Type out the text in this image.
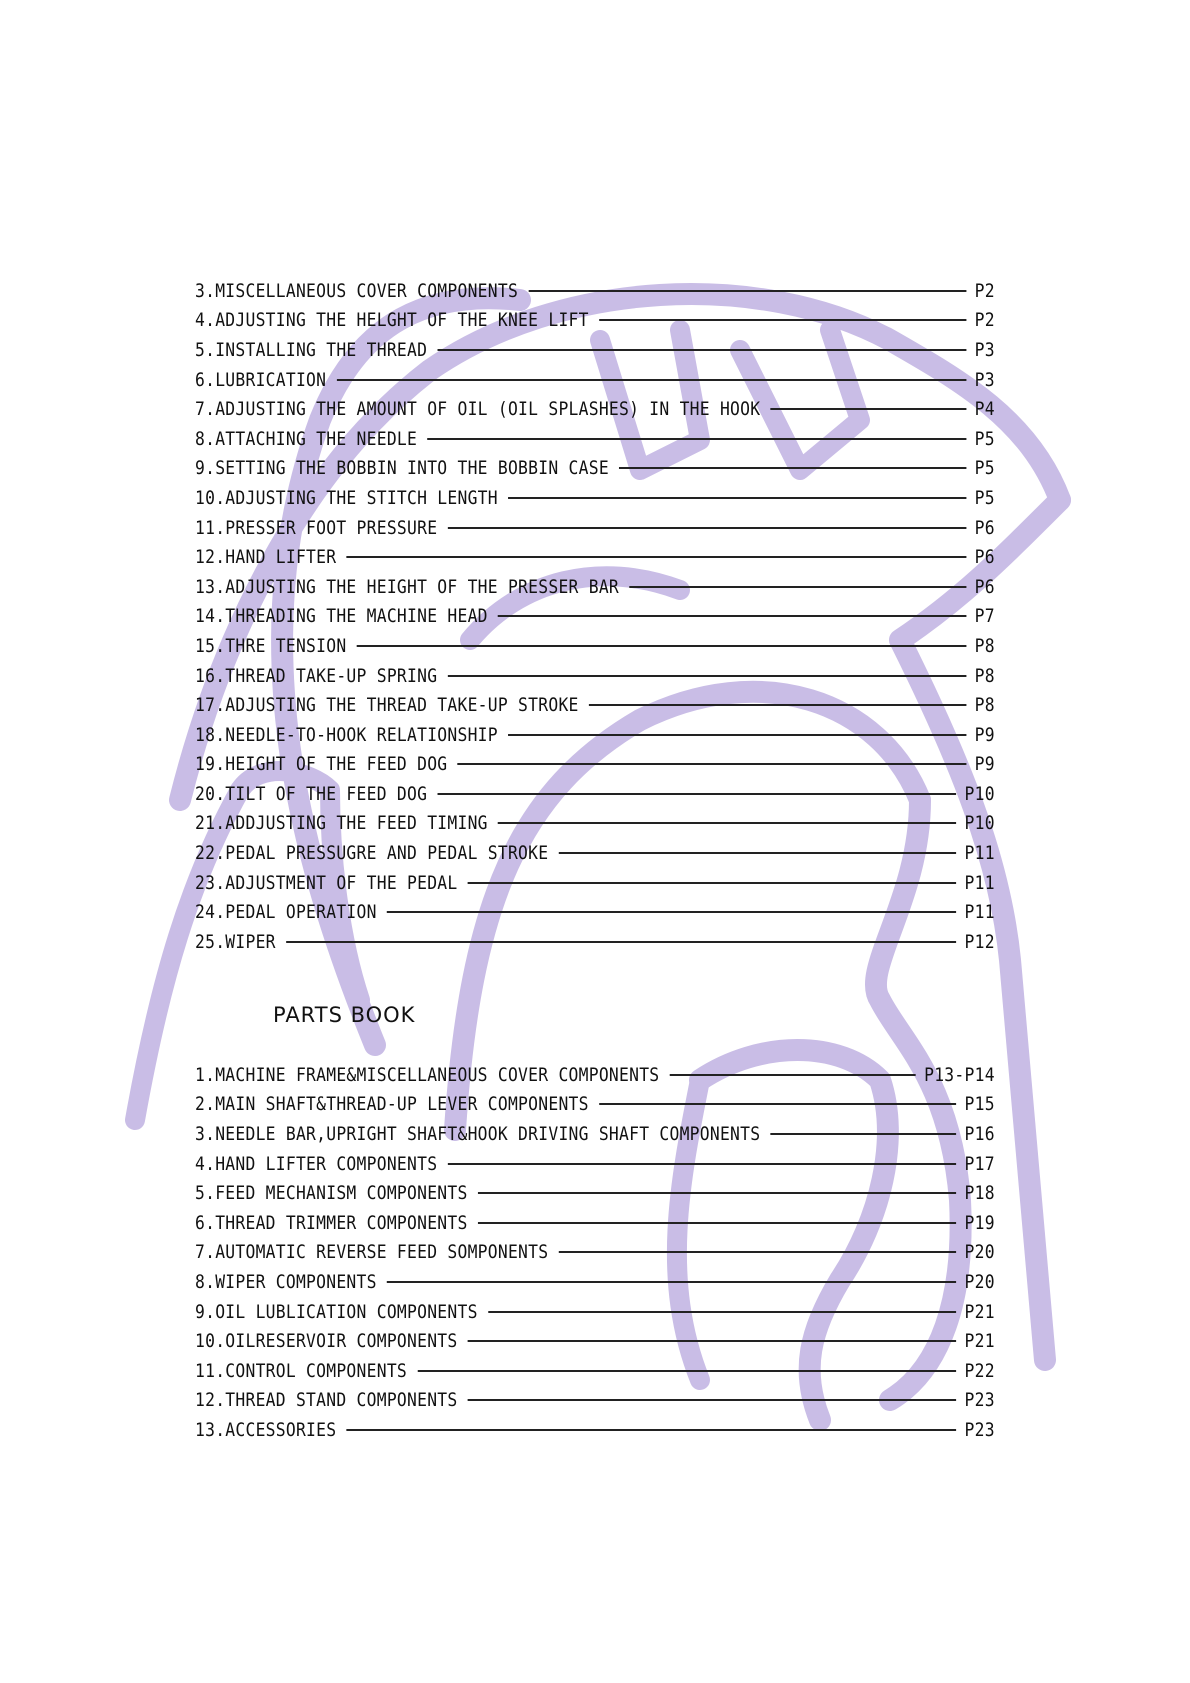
3.MISCELLANEOUS COVER COMPONENTS	P2
4.ADJUSTING THE HELGHT OF THE KNEE LIFT	P2
5.INSTALLING THE THREAD	P3
6.LUBRICATION	P3
7.ADJUSTING THE AMOUNT OF OIL (OIL SPLASHES) IN THE HOOK	P4
8.ATTACHING THE NEEDLE	P5
9.SETTING THE BOBBIN INTO THE BOBBIN CASE	P5
10.ADJUSTING THE STITCH LENGTH	P5
11.PRESSER FOOT PRESSURE	P6
12.HAND LIFTER	P6
13.ADJUSTING THE HEIGHT OF THE PRESSER BAR	P6
14.THREADING THE MACHINE HEAD	P7
15.THRE TENSION	P8
16.THREAD TAKE-UP SPRING	P8
17.ADJUSTING THE THREAD TAKE-UP STROKE	P8
18.NEEDLE-TO-HOOK RELATIONSHIP	P9
19.HEIGHT OF THE FEED DOG	P9
20.TILT OF THE FEED DOG	P10
21.ADDJUSTING THE FEED TIMING	P10
22.PEDAL PRESSUGRE AND PEDAL STROKE	P11
23.ADJUSTMENT OF THE PEDAL	P11
24.PEDAL OPERATION	P11
25.WIPER	P12
PARTS BOOK
1.MACHINE FRAME&MISCELLANEOUS COVER COMPONENTS	P13-P14
2.MAIN SHAFT&THREAD-UP LEVER COMPONENTS	P15
3.NEEDLE BAR,UPRIGHT SHAFT&HOOK DRIVING SHAFT COMPONENTS	P16
4.HAND LIFTER COMPONENTS	P17
5.FEED MECHANISM COMPONENTS	P18
6.THREAD TRIMMER COMPONENTS	P19
7.AUTOMATIC REVERSE FEED SOMPONENTS	P20
8.WIPER COMPONENTS	P20
9.OIL LUBLICATION COMPONENTS	P21
10.OILRESERVOIR COMPONENTS	P21
11.CONTROL COMPONENTS	P22
12.THREAD STAND COMPONENTS	P23
13.ACCESSORIES	P23
